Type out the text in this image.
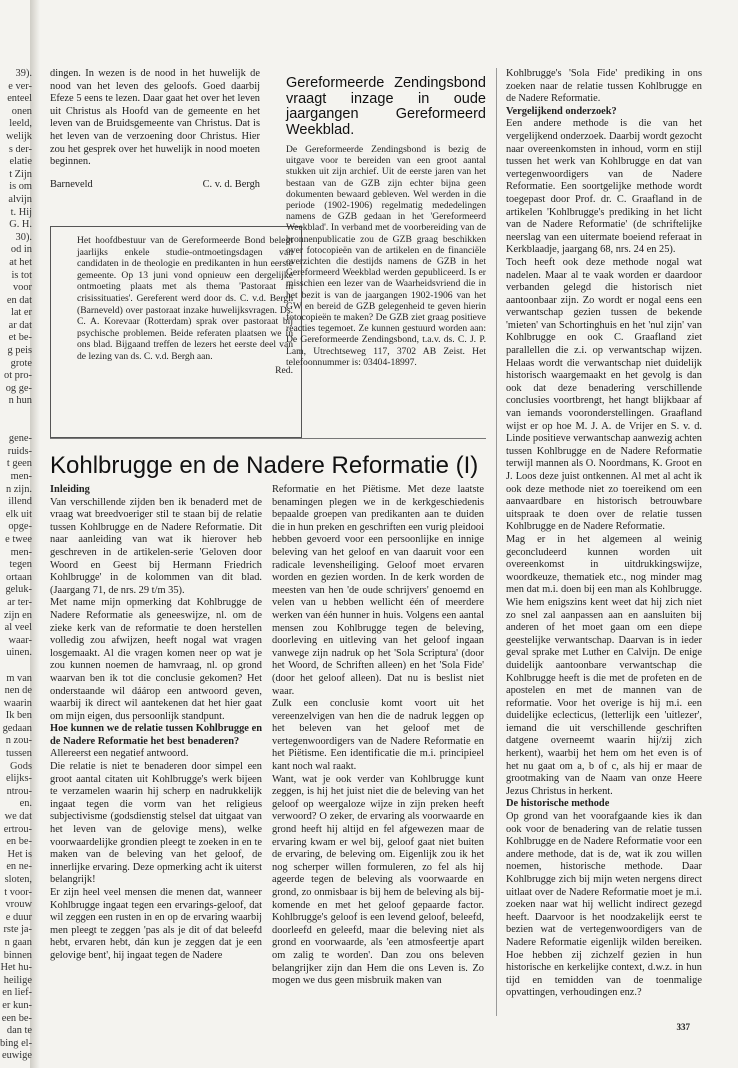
39).
e ver-
enteel
onen
leeld,
welijk
s der-
elatie
t Zijn
is om
alvijn
t. Hij
G. H.
30).
od in
at het
is tot
voor
en dat
lat er
ar dat
et be-
g peis
grote
ot pro-
og ge-
n hun

gene-
ruids-
t geen
men-
n zijn.
illend
elk uit
opge-
e twee
men-
tegen
ortaan
geluk-
ar ter-
zijn en
al veel
waar-
uinen.

m van
nen de
waarin
Ik ben
gedaan
n zou-
tussen
Gods
elijks-
ntrou-
en.
we dat
ertrou-
en be-
Het is
en ne-
sloten,
t voor-
vrouw
e duur
rste ja-
n gaan
binnen
Het hu-
heilige
en lief-
er kun-
een be-
dan te
bing el-
euwige

dingen. In wezen is de nood in het huwelijk de nood van het leven des geloofs. Goed daarbij Efeze 5 eens te lezen. Daar gaat het over het leven uit Christus als Hoofd van de gemeente en het leven van de Bruidsgemeente van Christus. Dat is het leven van de verzoening door Christus. Hier zou het gesprek over het huwelijk in nood moeten beginnen.

Barneveld	C. v. d. Bergh
Het hoofdbestuur van de Gereformeerde Bond belegt jaarlijks enkele studie-ontmoetingsdagen van candidaten in de theologie en predikanten in hun eerste gemeente. Op 13 juni vond opnieuw een dergelijke ontmoeting plaats met als thema 'Pastoraat in crisissituaties'. Gereferent werd door ds. C. v.d. Bergh (Barneveld) over pastoraat inzake huwelijksvragen. Ds. C. A. Korevaar (Rotterdam) sprak over pastoraat bij psychische problemen. Beide referaten plaatsen we in ons blad. Bijgaand treffen de lezers het eerste deel van de lezing van ds. C. v.d. Bergh aan.
Red.
Gereformeerde Zendingsbond vraagt inzage in oude jaargangen Gereformeerd Weekblad.
De Gereformeerde Zendingsbond is bezig de uitgave voor te bereiden van een groot aantal stukken uit zijn archief. Uit de eerste jaren van het bestaan van de GZB zijn echter bijna geen dokumenten bewaard gebleven. Wel werden in die periode (1902-1906) regelmatig mededelingen namens de GZB gedaan in het 'Gereformeerd Weekblad'. In verband met de voorbereiding van de bronnenpublicatie zou de GZB graag beschikken over fotocopieën van de artikelen en de financiële overzichten die destijds namens de GZB in het Gereformeerd Weekblad werden gepubliceerd. Is er misschien een lezer van de Waarheidsvriend die in het bezit is van de jaargangen 1902-1906 van het GW en bereid de GZB gelegenheid te geven hierin fotocopieën te maken? De GZB ziet graag positieve reacties tegemoet. Ze kunnen gestuurd worden aan: De Gereformeerde Zendingsbond, t.a.v. ds. C. J. P. Lam, Utrechtseweg 117, 3702 AB Zeist. Het telefoonnummer is: 03404-18997.
Kohlbrugge en de Nadere Reformatie (I)

Inleiding

Van verschillende zijden ben ik benaderd met de vraag wat breedvoeriger stil te staan bij de relatie tussen Kohlbrugge en de Nadere Reformatie. Dit naar aanleiding van wat ik hierover heb geschreven in de artikelen-serie 'Geloven door Woord en Geest bij Hermann Friedrich Kohlbrugge' in de kolommen van dit blad. (Jaargang 71, de nrs. 29 t/m 35).

Met name mijn opmerking dat Kohlbrugge de Nadere Reformatie als geneeswijze, nl. om de zieke kerk van de reformatie te doen herstellen volledig zou afwijzen, heeft nogal wat vragen losgemaakt. Al die vragen komen neer op wat je zou kunnen noemen de hamvraag, nl. op grond waarvan ben ik tot die conclusie gekomen? Het onderstaande wil dáárop een antwoord geven, waarbij ik direct wil aantekenen dat het hier gaat om mijn eigen, dus persoonlijk standpunt.

Hoe kunnen we de relatie tussen Kohlbrugge en de Nadere Reformatie het best benaderen?

Allereerst een negatief antwoord.

Die relatie is niet te benaderen door simpel een groot aantal citaten uit Kohlbrugge's werk bijeen te verzamelen waarin hij scherp en nadrukkelijk ingaat tegen die vorm van het religieus subjectivisme (godsdienstig stelsel dat uitgaat van het leven van de gelovige mens), welke voorwaardelijke grondien pleegt te zoeken in en te maken van de beleving van het geloof, de innerlijke ervaring. Deze opmerking acht ik uiterst belangrijk!

Er zijn heel veel mensen die menen dat, wanneer Kohlbrugge ingaat tegen een ervarings-geloof, dat wil zeggen een rusten in en op de ervaring waarbij men pleegt te zeggen 'pas als je dit of dat beleefd hebt, ervaren hebt, dán kun je zeggen dat je een gelovige bent', hij ingaat tegen de Nadere

Reformatie en het Piëtisme. Met deze laatste benamingen plegen we in de kerkgeschiedenis bepaalde groepen van predikanten aan te duiden die in hun preken en geschriften een vurig pleidooi hebben gevoerd voor een persoonlijke en innige beleving van het geloof en van daaruit voor een radicale levensheiliging. Geloof moet ervaren worden en gezien worden. In de kerk worden de meesten van hen 'de oude schrijvers' genoemd en velen van u hebben wellicht één of meerdere werken van één hunner in huis. Volgens een aantal mensen zou Kohlbrugge tegen de beleving, doorleving en uitleving van het geloof ingaan vanwege zijn nadruk op het 'Sola Scriptura' (door het Woord, de Schriften alleen) en het 'Sola Fide' (door het geloof alleen). Dat nu is beslist niet waar.

Zulk een conclusie komt voort uit het vereenzelvigen van hen die de nadruk leggen op het beleven van het geloof met de vertegenwoordigers van de Nadere Reformatie en het Piëtisme. Een identificatie die m.i. principieel kant noch wal raakt.

Want, wat je ook verder van Kohlbrugge kunt zeggen, is hij het juist niet die de beleving van het geloof op weergaloze wijze in zijn preken heeft verwoord? O zeker, de ervaring als voorwaarde en grond heeft hij altijd en fel afgewezen maar de ervaring kwam er wel bij, geloof gaat niet buiten de ervaring, de beleving om. Eigenlijk zou ik het nog scherper willen formuleren, zo fel als hij ageerde tegen de beleving als voorwaarde en grond, zo onmisbaar is bij hem de beleving als bij-komende en met het geloof gepaarde factor. Kohlbrugge's geloof is een levend geloof, beleefd, doorleefd en geleefd, maar die beleving niet als grond en voorwaarde, als 'een atmosfeertje apart om zalig te worden'. Dan zou ons beleven belangrijker zijn dan Hem die ons Leven is. Zo mogen we dus geen misbruik maken van

Kohlbrugge's 'Sola Fide' prediking in ons zoeken naar de relatie tussen Kohlbrugge en de Nadere Reformatie.

Vergelijkend onderzoek?

Een andere methode is die van het vergelijkend onderzoek. Daarbij wordt gezocht naar overeenkomsten in inhoud, vorm en stijl tussen het werk van Kohlbrugge en dat van vertegenwoordigers van de Nadere Reformatie. Een soortgelijke methode wordt toegepast door Prof. dr. C. Graafland in de artikelen 'Kohlbrugge's prediking in het licht van de Nadere Reformatie' (de schriftelijke neerslag van een uitermate boeiend referaat in Kerkblaadje, jaargang 68, nrs. 24 en 25).

Toch heeft ook deze methode nogal wat nadelen. Maar al te vaak worden er daardoor verbanden gelegd die historisch niet aantoonbaar zijn. Zo wordt er nogal eens een verwantschap gezien tussen de bekende 'mieten' van Schortinghuis en het 'nul zijn' van Kohlbrugge en ook C. Graafland ziet parallellen die z.i. op verwantschap wijzen. Helaas wordt die verwantschap niet duidelijk historisch waargemaakt en het gevolg is dan ook dat deze benadering verschillende conclusies voortbrengt, het hangt blijkbaar af van iemands vooronderstellingen. Graafland wijst er op hoe M. J. A. de Vrijer en S. v. d. Linde positieve verwantschap aanwezig achten tussen Kohlbrugge en de Nadere Reformatie terwijl mannen als O. Noordmans, K. Groot en J. Loos deze juist ontkennen. Al met al acht ik ook deze methode niet zo toereikend om een aanvaardbare en historisch betrouwbare uitspraak te doen over de relatie tussen Kohlbrugge en de Nadere Reformatie.

Mag er in het algemeen al weinig geconcludeerd kunnen worden uit overeenkomst in uitdrukkingswijze, woordkeuze, thematiek etc., nog minder mag men dat m.i. doen bij een man als Kohlbrugge. Wie hem enigszins kent weet dat hij zich niet zo snel zal aanpassen aan en aansluiten bij anderen of het moet gaan om een diepe geestelijke verwantschap. Daarvan is in ieder geval sprake met Luther en Calvijn. De enige duidelijk aantoonbare verwantschap die Kohlbrugge heeft is die met de profeten en de apostelen en met de mannen van de reformatie. Voor het overige is hij m.i. een duidelijke eclecticus, (letterlijk een 'uitlezer', iemand die uit verschillende geschriften datgene overneemt waarin hij/zij zich herkent), waarbij het hem om het even is of het nu gaat om a, b of c, als hij er maar de grootmaking van de Naam van onze Heere Jezus Christus in herkent.

De historische methode

Op grond van het voorafgaande kies ik dan ook voor de benadering van de relatie tussen Kohlbrugge en de Nadere Reformatie voor een andere methode, dat is de, wat ik zou willen noemen, historische methode. Daar Kohlbrugge zich bij mijn weten nergens direct uitlaat over de Nadere Reformatie moet je m.i. zoeken naar wat hij wellicht indirect gezegd heeft. Daarvoor is het noodzakelijk eerst te bezien wat de vertegenwoordigers van de Nadere Reformatie eigenlijk wilden bereiken. Hoe hebben zij zichzelf gezien in hun historische en kerkelijke context, d.w.z. in hun tijd en temidden van de toenmalige opvattingen, verhoudingen enz.?

337
